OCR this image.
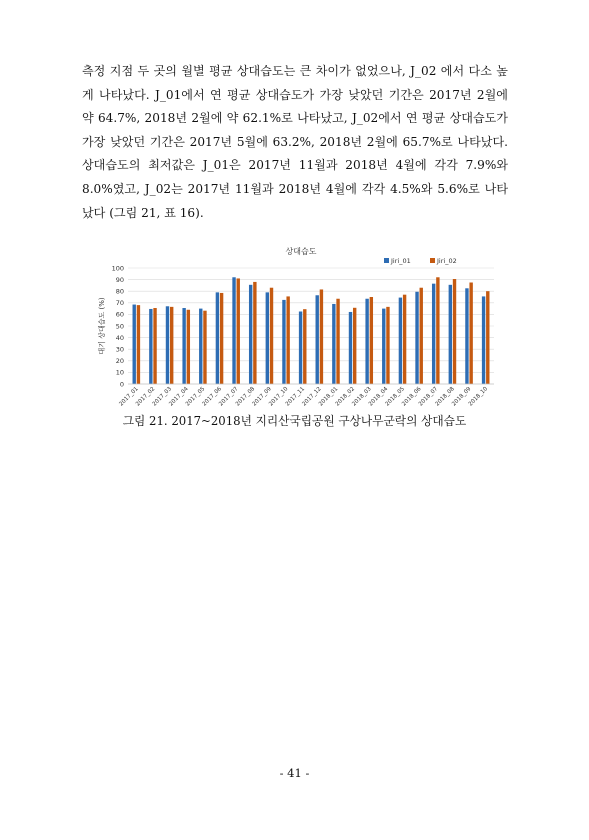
측정 지점 두 곳의 월별 평균 상대습도는 큰 차이가 없었으나, J_02 에서 다소 높게 나타났다. J_01에서 연 평균 상대습도가 가장 낮았던 기간은 2017년 2월에 약 64.7%, 2018년 2월에 약 62.1%로 나타났고, J_02에서 연 평균 상대습도가 가장 낮았던 기간은 2017년 5월에 63.2%, 2018년 2월에 65.7%로 나타났다. 상대습도의 최저값은 J_01은 2017년 11월과 2018년 4월에 각각 7.9%와 8.0%였고, J_02는 2017년 11월과 2018년 4월에 각각 4.5%와 5.6%로 나타났다 (그림 21, 표 16).

상대습도
0
10
20
30
40
50
60
70
80
90
100
2017_01
2017_02
2017_03
2017_04
2017_05
2017_06
2017_07
2017_08
2017_09
2017_10
2017_11
2017_12
2018_01
2018_02
2018_03
2018_04
2018_05
2018_06
2018_07
2018_08
2018_09
2018_10
대기 상대습도 (%)
Jiri_01	Jiri_02

그림 21. 2017~2018년 지리산국립공원 구상나무군락의 상대습도

- 41 -
